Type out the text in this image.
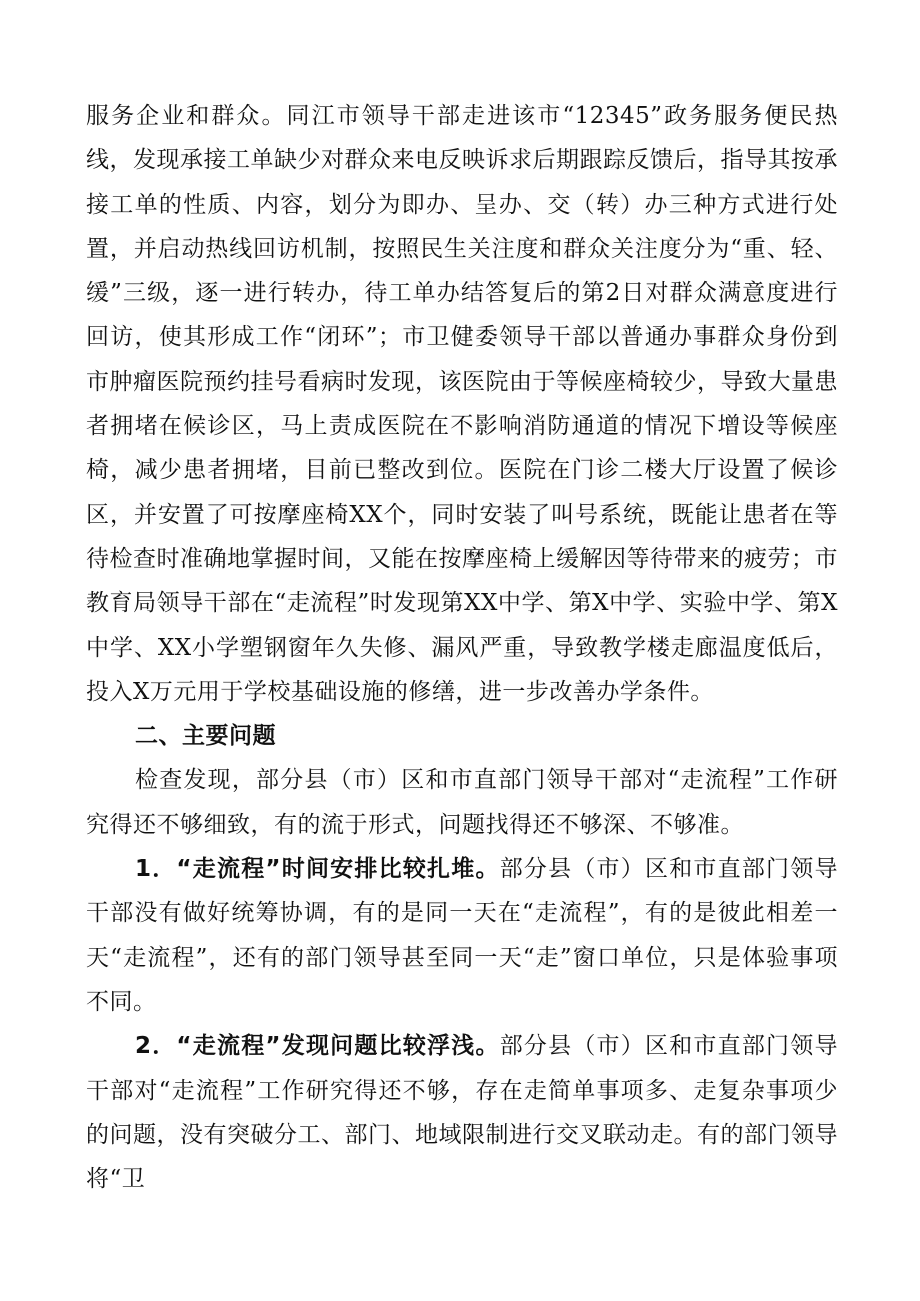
服务企业和群众。同江市领导干部走进该市“12345”政务服务便民热线，发现承接工单缺少对群众来电反映诉求后期跟踪反馈后，指导其按承接工单的性质、内容，划分为即办、呈办、交（转）办三种方式进行处置，并启动热线回访机制，按照民生关注度和群众关注度分为“重、轻、缓”三级，逐一进行转办，待工单办结答复后的第2日对群众满意度进行回访，使其形成工作“闭环”；市卫健委领导干部以普通办事群众身份到市肿瘤医院预约挂号看病时发现，该医院由于等候座椅较少，导致大量患者拥堵在候诊区，马上责成医院在不影响消防通道的情况下增设等候座椅，减少患者拥堵，目前已整改到位。医院在门诊二楼大厅设置了候诊区，并安置了可按摩座椅XX个，同时安装了叫号系统，既能让患者在等待检查时准确地掌握时间，又能在按摩座椅上缓解因等待带来的疲劳；市教育局领导干部在“走流程”时发现第XX中学、第X中学、实验中学、第X中学、XX小学塑钢窗年久失修、漏风严重，导致教学楼走廊温度低后，投入X万元用于学校基础设施的修缮，进一步改善办学条件。

二、主要问题

检查发现，部分县（市）区和市直部门领导干部对“走流程”工作研究得还不够细致，有的流于形式，问题找得还不够深、不够准。

1．“走流程”时间安排比较扎堆。部分县（市）区和市直部门领导干部没有做好统筹协调，有的是同一天在“走流程”，有的是彼此相差一天“走流程”，还有的部门领导甚至同一天“走”窗口单位，只是体验事项不同。

2．“走流程”发现问题比较浮浅。部分县（市）区和市直部门领导干部对“走流程”工作研究得还不够，存在走简单事项多、走复杂事项少的问题，没有突破分工、部门、地域限制进行交叉联动走。有的部门领导将“卫
